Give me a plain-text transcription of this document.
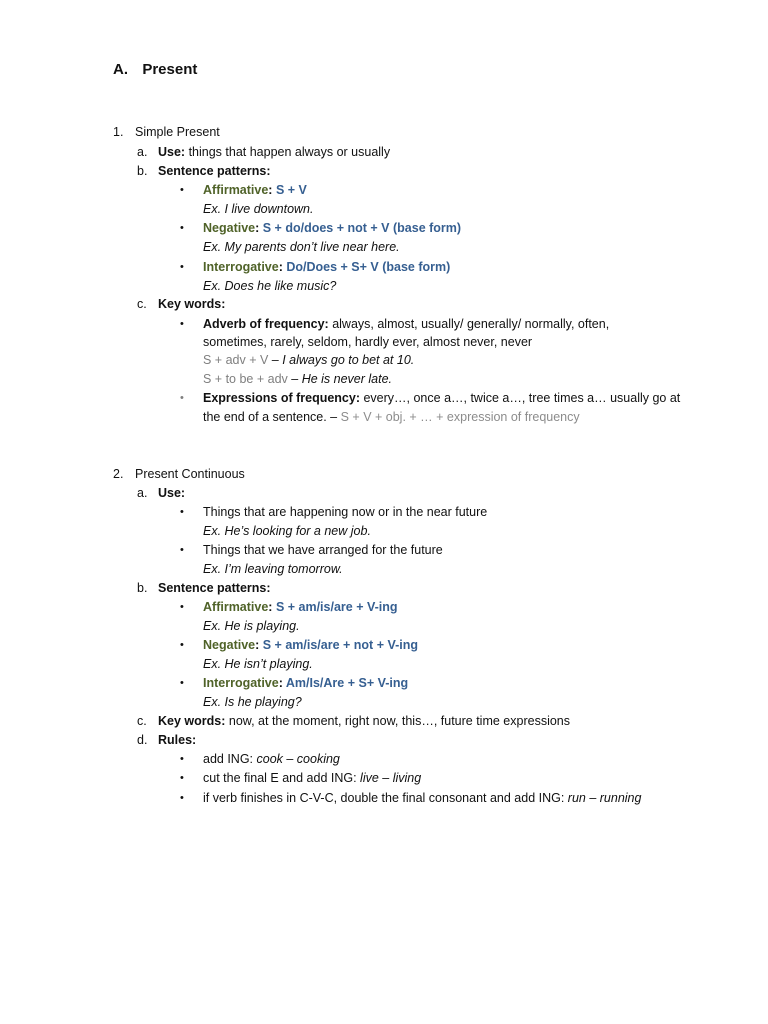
A. Present
1. Simple Present
a. Use: things that happen always or usually
b. Sentence patterns:
• Affirmative: S + V
Ex. I live downtown.
• Negative: S + do/does + not + V (base form)
Ex. My parents don’t live near here.
• Interrogative: Do/Does + S+ V (base form)
Ex. Does he like music?
c. Key words:
• Adverb of frequency: always, almost, usually/ generally/ normally, often,
sometimes, rarely, seldom, hardly ever, almost never, never
S + adv + V – I always go to bet at 10.
S + to be + adv – He is never late.
• Expressions of frequency: every…, once a…, twice a…, tree times a… usually go at
the end of a sentence. – S + V + obj. + … + expression of frequency
2. Present Continuous
a. Use:
• Things that are happening now or in the near future
Ex. He’s looking for a new job.
• Things that we have arranged for the future
Ex. I’m leaving tomorrow.
b. Sentence patterns:
• Affirmative: S + am/is/are + V-ing
Ex. He is playing.
• Negative: S + am/is/are + not + V-ing
Ex. He isn’t playing.
• Interrogative: Am/Is/Are + S+ V-ing
Ex. Is he playing?
c. Key words: now, at the moment, right now, this…, future time expressions
d. Rules:
• add ING: cook – cooking
• cut the final E and add ING: live – living
• if verb finishes in C-V-C, double the final consonant and add ING: run – running
